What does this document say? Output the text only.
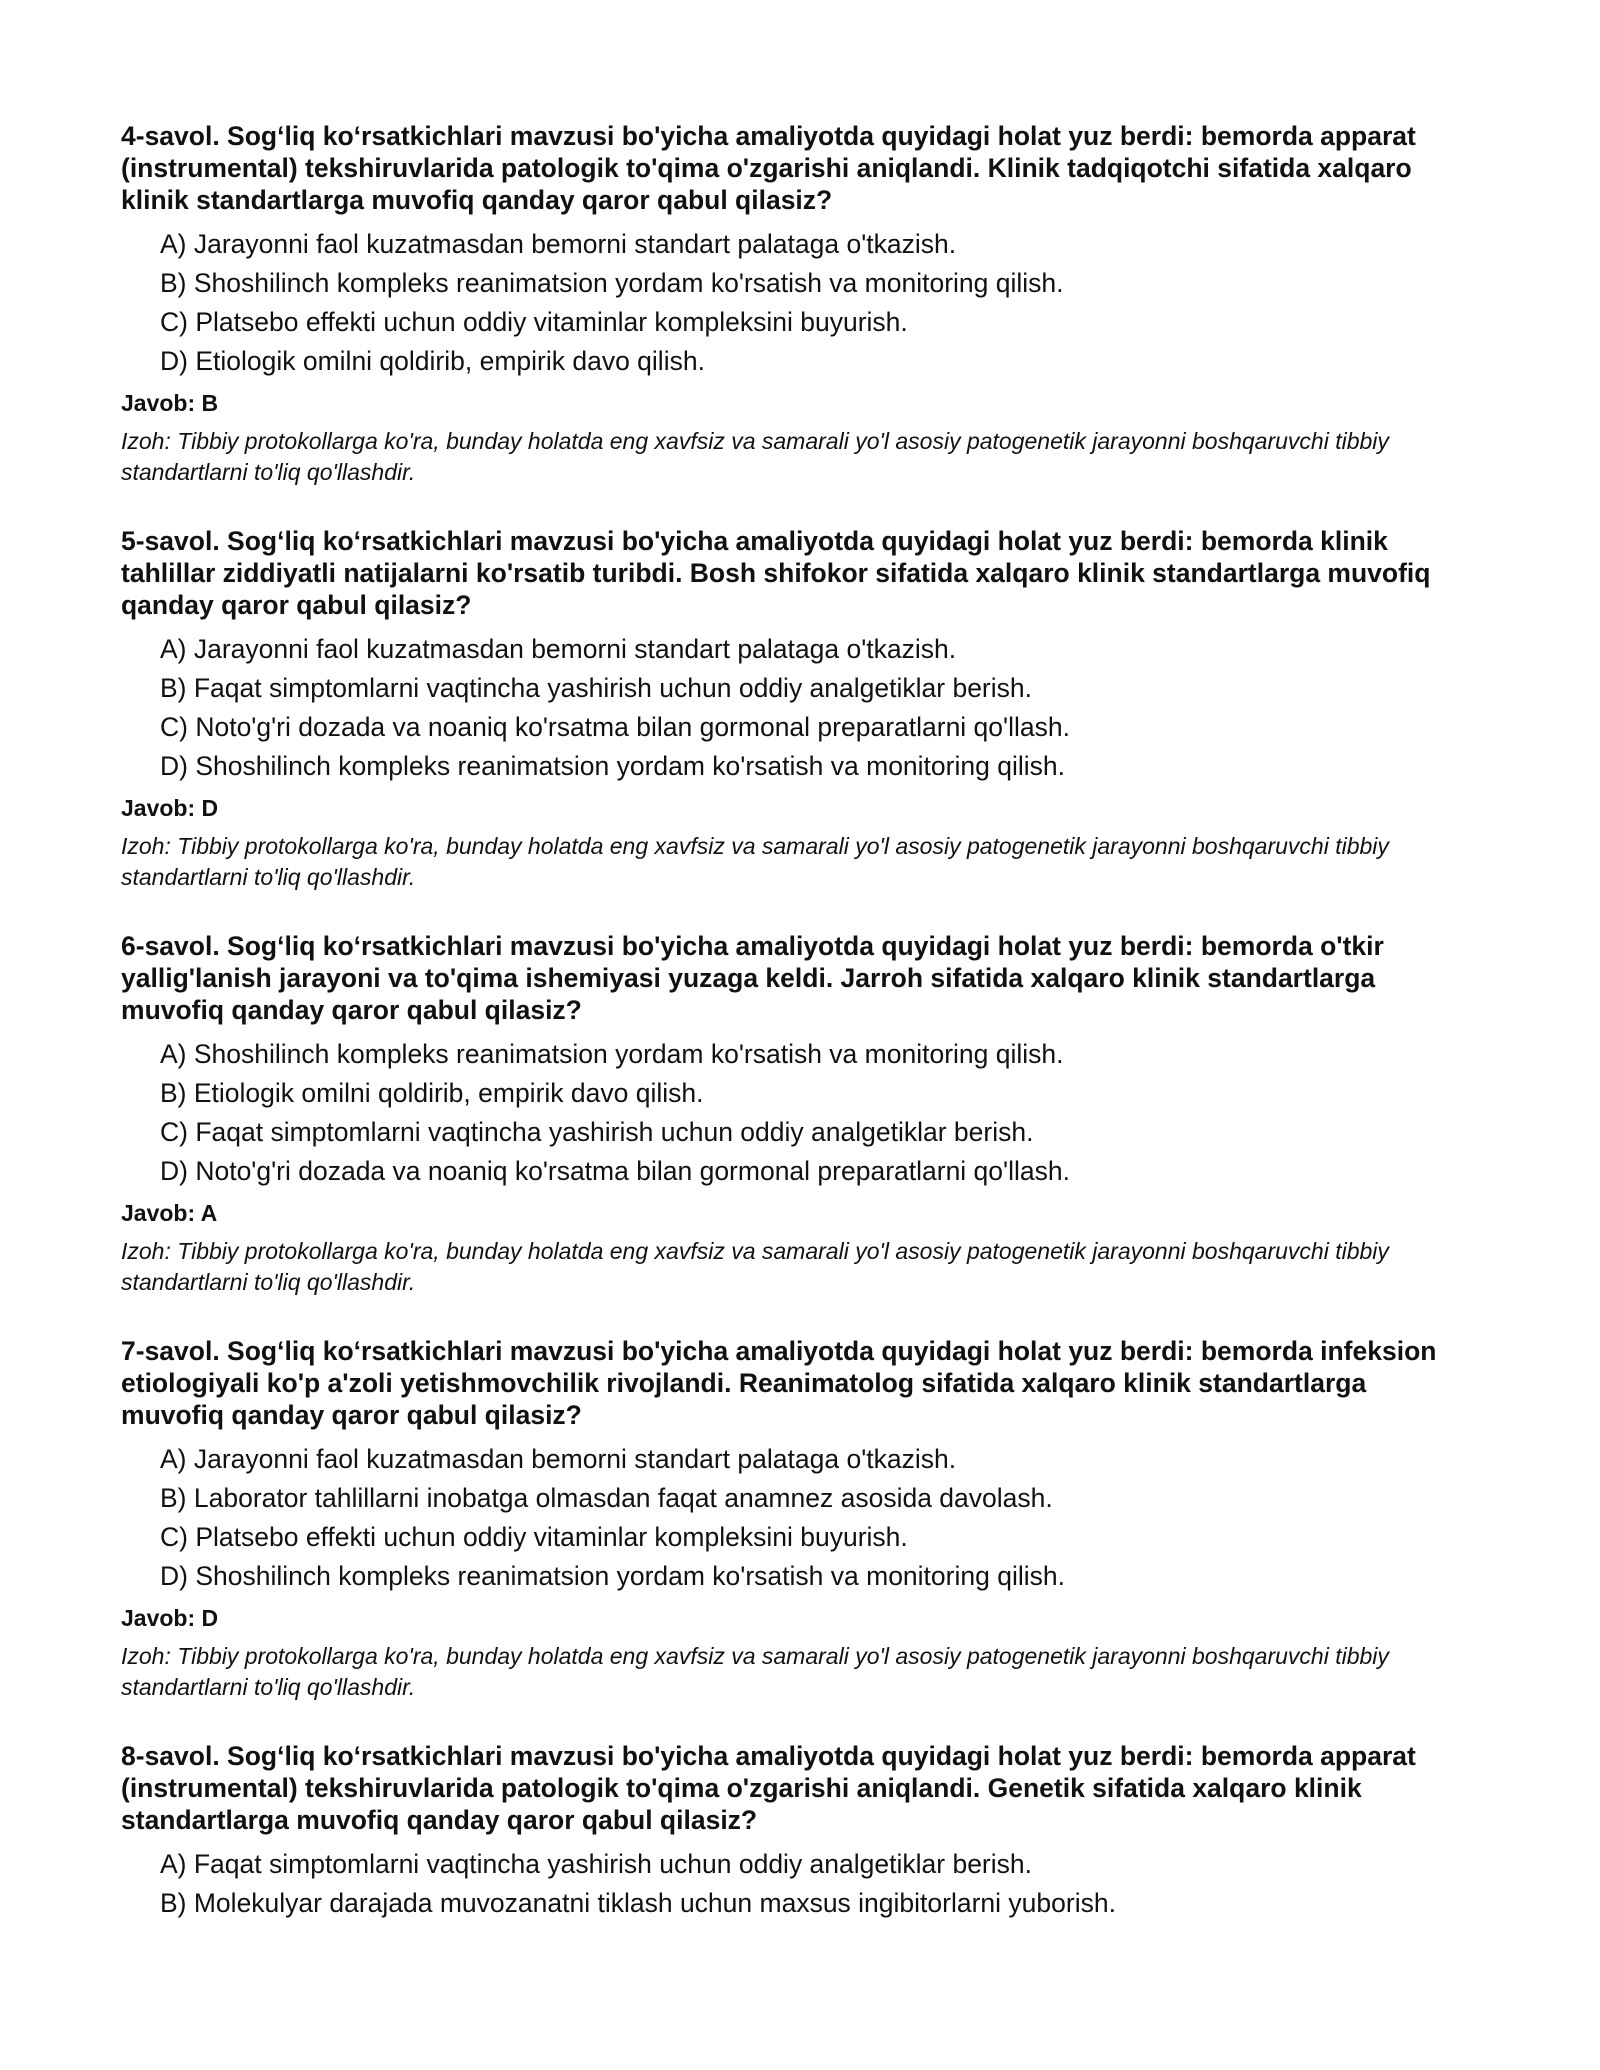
4-savol. Sog‘liq ko‘rsatkichlari mavzusi bo'yicha amaliyotda quyidagi holat yuz berdi: bemorda apparat (instrumental) tekshiruvlarida patologik to'qima o'zgarishi aniqlandi. Klinik tadqiqotchi sifatida xalqaro klinik standartlarga muvofiq qanday qaror qabul qilasiz?
A) Jarayonni faol kuzatmasdan bemorni standart palataga o'tkazish.
B) Shoshilinch kompleks reanimatsion yordam ko'rsatish va monitoring qilish.
C) Platsebo effekti uchun oddiy vitaminlar kompleksini buyurish.
D) Etiologik omilni qoldirib, empirik davo qilish.
Javob: B
Izoh: Tibbiy protokollarga ko'ra, bunday holatda eng xavfsiz va samarali yo'l asosiy patogenetik jarayonni boshqaruvchi tibbiy standartlarni to'liq qo'llashdir.
5-savol. Sog‘liq ko‘rsatkichlari mavzusi bo'yicha amaliyotda quyidagi holat yuz berdi: bemorda klinik tahlillar ziddiyatli natijalarni ko'rsatib turibdi. Bosh shifokor sifatida xalqaro klinik standartlarga muvofiq qanday qaror qabul qilasiz?
A) Jarayonni faol kuzatmasdan bemorni standart palataga o'tkazish.
B) Faqat simptomlarni vaqtincha yashirish uchun oddiy analgetiklar berish.
C) Noto'g'ri dozada va noaniq ko'rsatma bilan gormonal preparatlarni qo'llash.
D) Shoshilinch kompleks reanimatsion yordam ko'rsatish va monitoring qilish.
Javob: D
Izoh: Tibbiy protokollarga ko'ra, bunday holatda eng xavfsiz va samarali yo'l asosiy patogenetik jarayonni boshqaruvchi tibbiy standartlarni to'liq qo'llashdir.
6-savol. Sog‘liq ko‘rsatkichlari mavzusi bo'yicha amaliyotda quyidagi holat yuz berdi: bemorda o'tkir yallig'lanish jarayoni va to'qima ishemiyasi yuzaga keldi. Jarroh sifatida xalqaro klinik standartlarga muvofiq qanday qaror qabul qilasiz?
A) Shoshilinch kompleks reanimatsion yordam ko'rsatish va monitoring qilish.
B) Etiologik omilni qoldirib, empirik davo qilish.
C) Faqat simptomlarni vaqtincha yashirish uchun oddiy analgetiklar berish.
D) Noto'g'ri dozada va noaniq ko'rsatma bilan gormonal preparatlarni qo'llash.
Javob: A
Izoh: Tibbiy protokollarga ko'ra, bunday holatda eng xavfsiz va samarali yo'l asosiy patogenetik jarayonni boshqaruvchi tibbiy standartlarni to'liq qo'llashdir.
7-savol. Sog‘liq ko‘rsatkichlari mavzusi bo'yicha amaliyotda quyidagi holat yuz berdi: bemorda infeksion etiologiyali ko'p a'zoli yetishmovchilik rivojlandi. Reanimatolog sifatida xalqaro klinik standartlarga muvofiq qanday qaror qabul qilasiz?
A) Jarayonni faol kuzatmasdan bemorni standart palataga o'tkazish.
B) Laborator tahlillarni inobatga olmasdan faqat anamnez asosida davolash.
C) Platsebo effekti uchun oddiy vitaminlar kompleksini buyurish.
D) Shoshilinch kompleks reanimatsion yordam ko'rsatish va monitoring qilish.
Javob: D
Izoh: Tibbiy protokollarga ko'ra, bunday holatda eng xavfsiz va samarali yo'l asosiy patogenetik jarayonni boshqaruvchi tibbiy standartlarni to'liq qo'llashdir.
8-savol. Sog‘liq ko‘rsatkichlari mavzusi bo'yicha amaliyotda quyidagi holat yuz berdi: bemorda apparat (instrumental) tekshiruvlarida patologik to'qima o'zgarishi aniqlandi. Genetik sifatida xalqaro klinik standartlarga muvofiq qanday qaror qabul qilasiz?
A) Faqat simptomlarni vaqtincha yashirish uchun oddiy analgetiklar berish.
B) Molekulyar darajada muvozanatni tiklash uchun maxsus ingibitorlarni yuborish.
